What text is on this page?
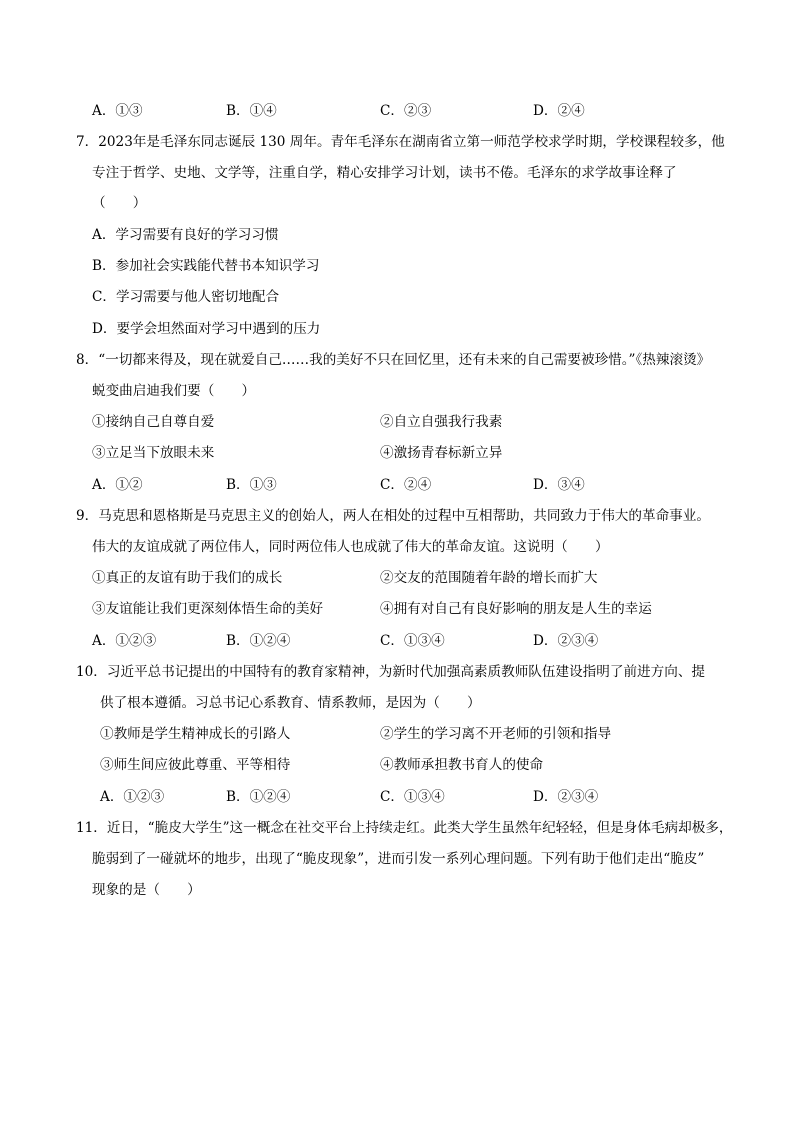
A．①③	B．①④	C．②③	D．②④
7．2023年是毛泽东同志诞辰 130 周年。青年毛泽东在湖南省立第一师范学校求学时期，学校课程较多，他
专注于哲学、史地、文学等，注重自学，精心安排学习计划，读书不倦。毛泽东的求学故事诠释了
（　　）
A．学习需要有良好的学习习惯
B．参加社会实践能代替书本知识学习
C．学习需要与他人密切地配合
D．要学会坦然面对学习中遇到的压力
8．“一切都来得及，现在就爱自己……我的美好不只在回忆里，还有未来的自己需要被珍惜。”《热辣滚烫》
蜕变曲启迪我们要（　　）
①接纳自己自尊自爱	②自立自强我行我素
③立足当下放眼未来	④激扬青春标新立异
A．①②	B．①③	C．②④	D．③④
9．马克思和恩格斯是马克思主义的创始人，两人在相处的过程中互相帮助，共同致力于伟大的革命事业。
伟大的友谊成就了两位伟人，同时两位伟人也成就了伟大的革命友谊。这说明（　　）
①真正的友谊有助于我们的成长	②交友的范围随着年龄的增长而扩大
③友谊能让我们更深刻体悟生命的美好	④拥有对自己有良好影响的朋友是人生的幸运
A．①②③	B．①②④	C．①③④	D．②③④
10．习近平总书记提出的中国特有的教育家精神，为新时代加强高素质教师队伍建设指明了前进方向、提
供了根本遵循。习总书记心系教育、情系教师，是因为（　　）
①教师是学生精神成长的引路人	②学生的学习离不开老师的引领和指导
③师生间应彼此尊重、平等相待	④教师承担教书育人的使命
A．①②③	B．①②④	C．①③④	D．②③④
11．近日，“脆皮大学生”这一概念在社交平台上持续走红。此类大学生虽然年纪轻轻，但是身体毛病却极多，
脆弱到了一碰就坏的地步，出现了“脆皮现象”，进而引发一系列心理问题。下列有助于他们走出“脆皮”
现象的是（　　）
